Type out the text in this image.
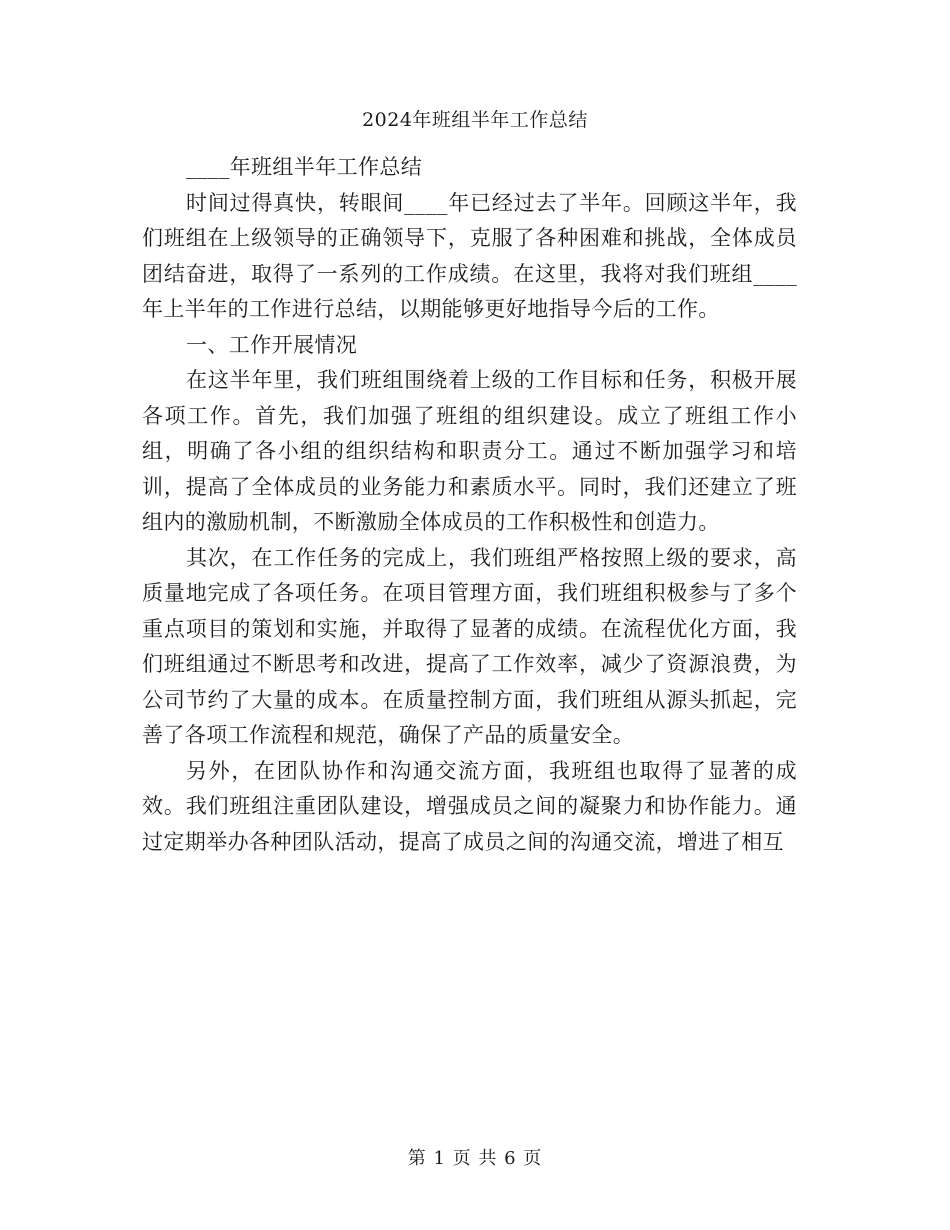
2024年班组半年工作总结

____年班组半年工作总结

时间过得真快，转眼间____年已经过去了半年。回顾这半年，我们班组在上级领导的正确领导下，克服了各种困难和挑战，全体成员团结奋进，取得了一系列的工作成绩。在这里，我将对我们班组____年上半年的工作进行总结，以期能够更好地指导今后的工作。

一、工作开展情况

在这半年里，我们班组围绕着上级的工作目标和任务，积极开展各项工作。首先，我们加强了班组的组织建设。成立了班组工作小组，明确了各小组的组织结构和职责分工。通过不断加强学习和培训，提高了全体成员的业务能力和素质水平。同时，我们还建立了班组内的激励机制，不断激励全体成员的工作积极性和创造力。

其次，在工作任务的完成上，我们班组严格按照上级的要求，高质量地完成了各项任务。在项目管理方面，我们班组积极参与了多个重点项目的策划和实施，并取得了显著的成绩。在流程优化方面，我们班组通过不断思考和改进，提高了工作效率，减少了资源浪费，为公司节约了大量的成本。在质量控制方面，我们班组从源头抓起，完善了各项工作流程和规范，确保了产品的质量安全。

另外，在团队协作和沟通交流方面，我班组也取得了显著的成效。我们班组注重团队建设，增强成员之间的凝聚力和协作能力。通过定期举办各种团队活动，提高了成员之间的沟通交流，增进了相互

第 1 页 共 6 页
